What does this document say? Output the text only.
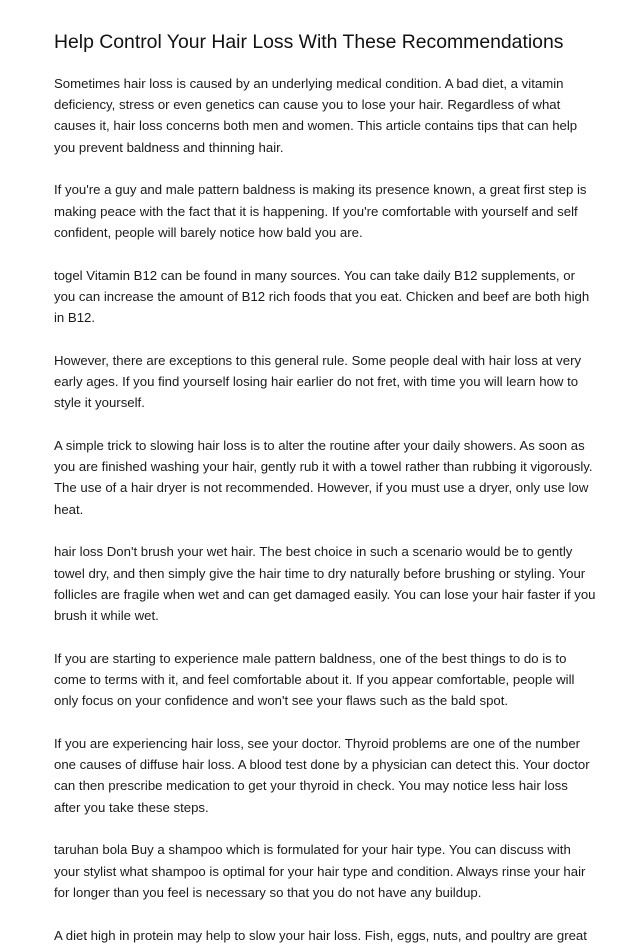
Help Control Your Hair Loss With These Recommendations

Sometimes hair loss is caused by an underlying medical condition. A bad diet, a vitamin
deficiency, stress or even genetics can cause you to lose your hair. Regardless of what
causes it, hair loss concerns both men and women. This article contains tips that can help
you prevent baldness and thinning hair.

If you're a guy and male pattern baldness is making its presence known, a great first step is
making peace with the fact that it is happening. If you're comfortable with yourself and self
confident, people will barely notice how bald you are.

togel Vitamin B12 can be found in many sources. You can take daily B12 supplements, or
you can increase the amount of B12 rich foods that you eat. Chicken and beef are both high
in B12.

However, there are exceptions to this general rule. Some people deal with hair loss at very
early ages. If you find yourself losing hair earlier do not fret, with time you will learn how to
style it yourself.

A simple trick to slowing hair loss is to alter the routine after your daily showers. As soon as
you are finished washing your hair, gently rub it with a towel rather than rubbing it vigorously.
The use of a hair dryer is not recommended. However, if you must use a dryer, only use low
heat.

hair loss Don't brush your wet hair. The best choice in such a scenario would be to gently
towel dry, and then simply give the hair time to dry naturally before brushing or styling. Your
follicles are fragile when wet and can get damaged easily. You can lose your hair faster if you
brush it while wet.

If you are starting to experience male pattern baldness, one of the best things to do is to
come to terms with it, and feel comfortable about it. If you appear comfortable, people will
only focus on your confidence and won't see your flaws such as the bald spot.

If you are experiencing hair loss, see your doctor. Thyroid problems are one of the number
one causes of diffuse hair loss. A blood test done by a physician can detect this. Your doctor
can then prescribe medication to get your thyroid in check. You may notice less hair loss
after you take these steps.

taruhan bola Buy a shampoo which is formulated for your hair type. You can discuss with
your stylist what shampoo is optimal for your hair type and condition. Always rinse your hair
for longer than you feel is necessary so that you do not have any buildup.

A diet high in protein may help to slow your hair loss. Fish, eggs, nuts, and poultry are great
